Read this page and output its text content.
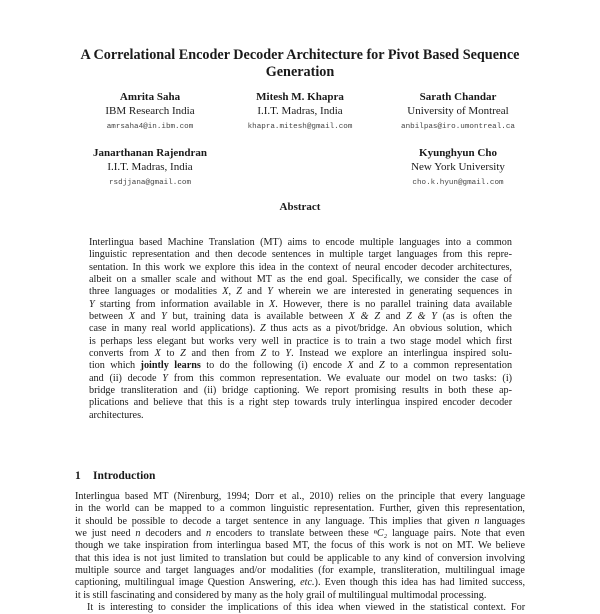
A Correlational Encoder Decoder Architecture for Pivot Based Sequence
Generation
Amrita Saha
IBM Research India
amrsaha4@in.ibm.com
Mitesh M. Khapra
I.I.T. Madras, India
khapra.mitesh@gmail.com
Sarath Chandar
University of Montreal
anbilpas@iro.umontreal.ca
Janarthanan Rajendran
I.I.T. Madras, India
rsdjjana@gmail.com
Kyunghyun Cho
New York University
cho.k.hyun@gmail.com
Abstract
Interlingua based Machine Translation (MT) aims to encode multiple languages into a common
linguistic representation and then decode sentences in multiple target languages from this repre-
sentation. In this work we explore this idea in the context of neural encoder decoder architectures,
albeit on a smaller scale and without MT as the end goal. Specifically, we consider the case of
three languages or modalities X , Z and Y wherein we are interested in generating sequences in
Y starting from information available in X . However, there is no parallel training data available
between X and Y but, training data is available between X & Z and Z & Y (as is often the
case in many real world applications). Z thus acts as a pivot/bridge. An obvious solution, which
is perhaps less elegant but works very well in practice is to train a two stage model which first
converts from X to Z and then from Z to Y . Instead we explore an interlingua inspired solu-
tion which jointly learns to do the following (i) encode X and Z to a common representation
and (ii) decode Y from this common representation. We evaluate our model on two tasks: (i)
bridge transliteration and (ii) bridge captioning. We report promising results in both these ap-
plications and believe that this is a right step towards truly interlingua inspired encoder decoder
architectures.
1 Introduction
Interlingua based MT (Nirenburg, 1994; Dorr et al., 2010) relies on the principle that every language
in the world can be mapped to a common linguistic representation. Further, given this representation,
it should be possible to decode a target sentence in any language. This implies that given n languages
we just need n decoders and n encoders to translate between these ⁿC₂ language pairs. Note that even
though we take inspiration from interlingua based MT, the focus of this work is not on MT. We believe
that this idea is not just limited to translation but could be applicable to any kind of conversion involving
multiple source and target languages and/or modalities (for example, transliteration, multilingual image
captioning, multilingual image Question Answering, etc. ). Even though this idea has had limited success,
it is still fascinating and considered by many as the holy grail of multilingual multimodal processing.
It is interesting to consider the implications of this idea when viewed in the statistical context. For
